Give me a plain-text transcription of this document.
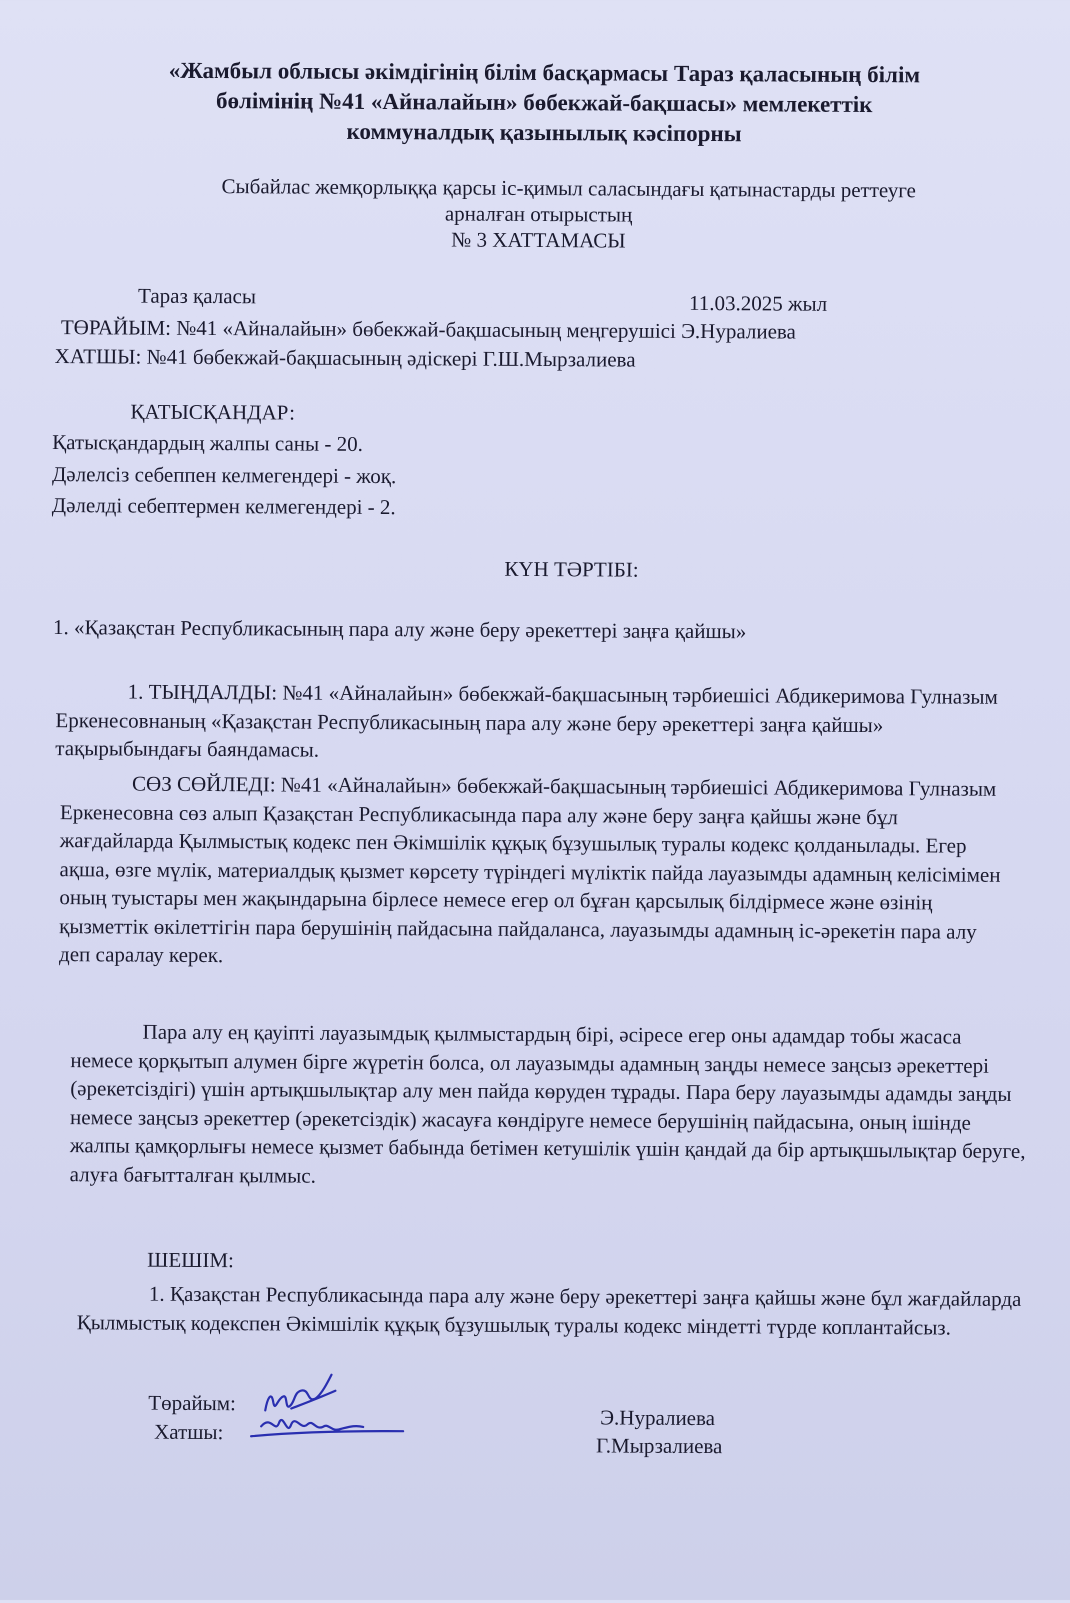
«Жамбыл облысы әкімдігінің білім басқармасы Тараз қаласының білім
бөлімінің №41 «Айналайын» бөбекжай-бақшасы» мемлекеттік
коммуналдық қазынылық кәсіпорны
Сыбайлас жемқорлыққа қарсы іс-қимыл саласындағы қатынастарды реттеуге
арналған отырыстың
№ 3 ХАТТАМАСЫ
Тараз қаласы	11.03.2025 жыл
ТӨРАЙЫМ: №41 «Айналайын» бөбекжай-бақшасының меңгерушісі Э.Нуралиева
ХАТШЫ: №41 бөбекжай-бақшасының әдіскері Г.Ш.Мырзалиева
ҚАТЫСҚАНДАР:
Қатысқандардың жалпы саны - 20.
Дәлелсіз себеппен келмегендері - жоқ.
Дәлелді себептермен келмегендері - 2.
КҮН ТӘРТІБІ:
1. «Қазақстан Республикасының пара алу және беру әрекеттері заңға қайшы»
1. ТЫҢДАЛДЫ: №41 «Айналайын» бөбекжай-бақшасының тәрбиешісі Абдикеримова Гулназым Еркенесовнаның «Қазақстан Республикасының пара алу және беру әрекеттері заңға қайшы» тақырыбындағы баяндамасы.
СӨЗ СӨЙЛЕДІ: №41 «Айналайын» бөбекжай-бақшасының тәрбиешісі Абдикеримова Гулназым Еркенесовна сөз алып Қазақстан Республикасында пара алу және беру заңға қайшы және бұл жағдайларда Қылмыстық кодекс пен Әкімшілік құқық бұзушылық туралы кодекс қолданылады. Егер ақша, өзге мүлік, материалдық қызмет көрсету түріндегі мүліктік пайда лауазымды адамның келісімімен оның туыстары мен жақындарына бірлесе немесе егер ол бұған қарсылық білдірмесе және өзінің қызметтік өкілеттігін пара берушінің пайдасына пайдаланса, лауазымды адамның іс-әрекетін пара алу деп саралау керек.
Пара алу ең қауіпті лауазымдық қылмыстардың бірі, әсіресе егер оны адамдар тобы жасаса немесе қорқытып алумен бірге жүретін болса, ол лауазымды адамның заңды немесе заңсыз әрекеттері (әрекетсіздігі) үшін артықшылықтар алу мен пайда көруден тұрады. Пара беру лауазымды адамды заңды немесе заңсыз әрекеттер (әрекетсіздік) жасауға көндіруге немесе берушінің пайдасына, оның ішінде жалпы қамқорлығы немесе қызмет бабында бетімен кетушілік үшін қандай да бір артықшылықтар беруге, алуға бағытталған қылмыс.
ШЕШІМ:
1. Қазақстан Республикасында пара алу және беру әрекеттері заңға қайшы және бұл жағдайларда Қылмыстық кодекспен Әкімшілік құқық бұзушылық туралы кодекс міндетті түрде коплантайсыз.
Төрайым:
Хатшы:
Э.Нуралиева
Г.Мырзалиева
